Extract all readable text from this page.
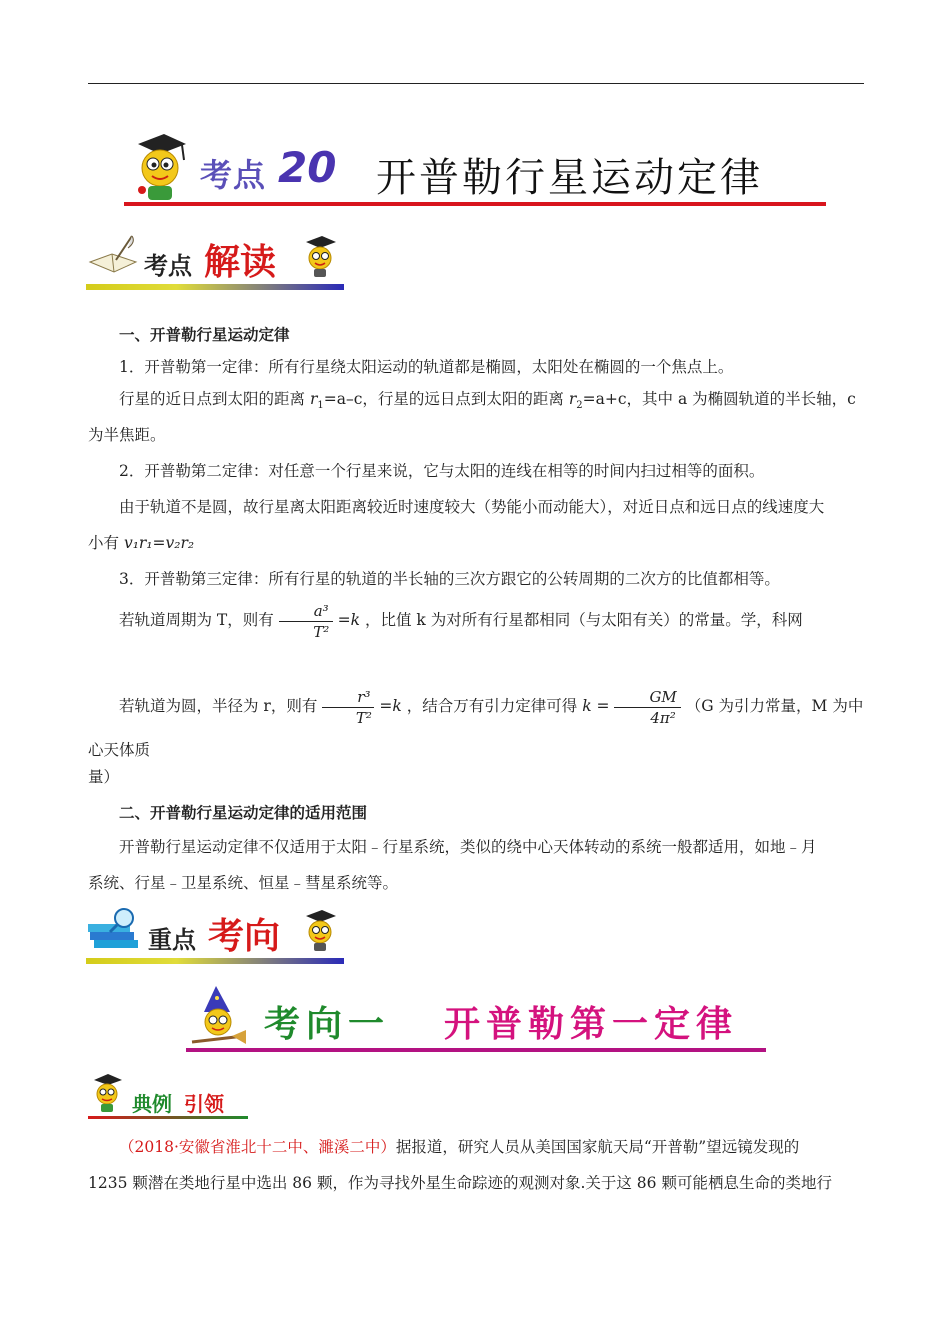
考点 20 开普勒行星运动定律
考点 解读
一、开普勒行星运动定律
1．开普勒第一定律：所有行星绕太阳运动的轨道都是椭圆，太阳处在椭圆的一个焦点上。
行星的近日点到太阳的距离 $r_1=a-c$，行星的远日点到太阳的距离 $r_2=a+c$，其中 a 为椭圆轨道的半长轴，c
为半焦距。
2．开普勒第二定律：对任意一个行星来说，它与太阳的连线在相等的时间内扫过相等的面积。
由于轨道不是圆，故行星离太阳距离较近时速度较大（势能小而动能大），对近日点和远日点的线速度大
小有 v₁r₁=v₂r₂
3．开普勒第三定律：所有行星的轨道的半长轴的三次方跟它的公转周期的二次方的比值都相等。
若轨道周期为 T，则有 $\frac{\text{a³}}{\text{T²}} =k$ ，比值 k 为对所有行星都相同（与太阳有关）的常量。学，科网
若轨道为圆，半径为 r，则有 $\frac{\text{r³}}{\text{T²}} =k$ ，结合万有引力定律可得 $k = \frac{GM}{\text{4π²}} (G$ 为引力常量，M 为中心天体质
量）
二、开普勒行星运动定律的适用范围
开普勒行星运动定律不仅适用于太阳﹣行星系统，类似的绕中心天体转动的系统一般都适用，如地﹣月
系统、行星﹣卫星系统、恒星﹣彗星系统等。
重点 考向
考向一 开普勒第一定律
典例 引领
（2018·安徽省淮北十二中、濉溪二中）据报道，研究人员从美国国家航天局“开普勒”望远镜发现的
1235 颗潜在类地行星中选出 86 颗，作为寻找外星生命踪迹的观测对象.关于这 86 颗可能栖息生命的类地行
